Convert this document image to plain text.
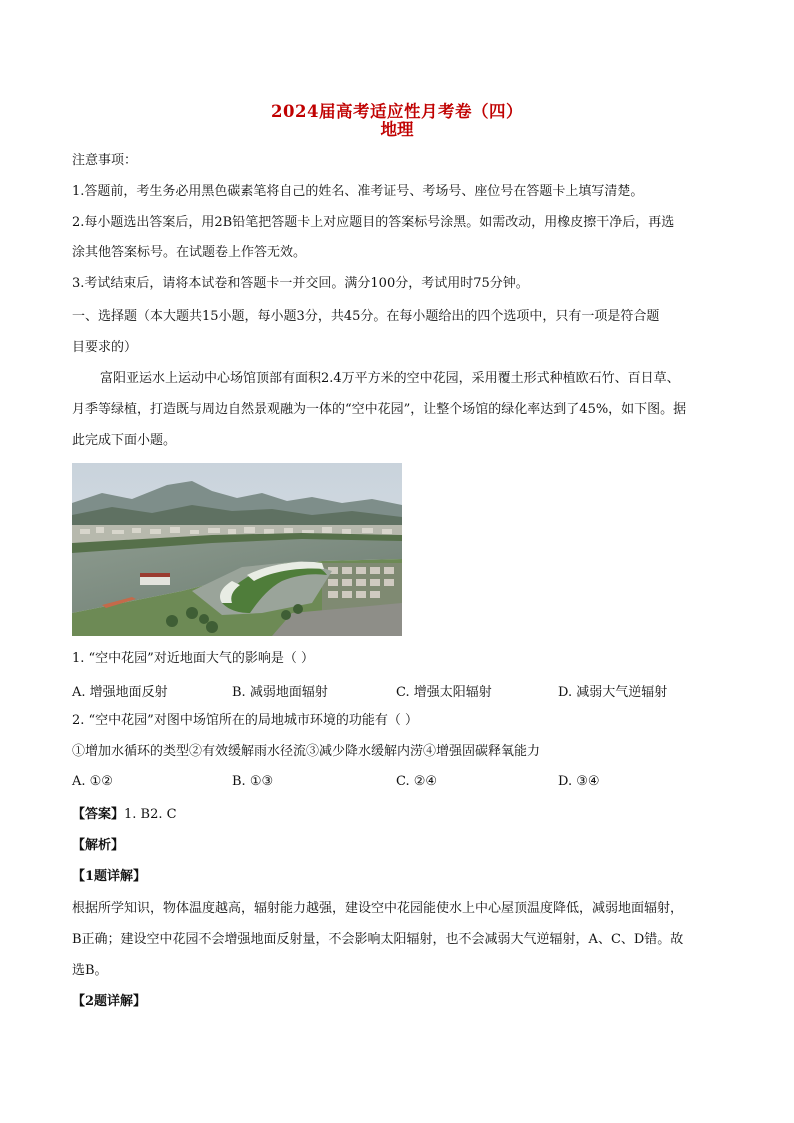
2024届高考适应性月考卷（四）
地理
注意事项：
1.答题前，考生务必用黑色碳素笔将自己的姓名、准考证号、考场号、座位号在答题卡上填写清楚。
2.每小题选出答案后，用2B铅笔把答题卡上对应题目的答案标号涂黑。如需改动，用橡皮擦干净后，再选
涂其他答案标号。在试题卷上作答无效。
3.考试结束后，请将本试卷和答题卡一并交回。满分100分，考试用时75分钟。
一、选择题（本大题共15小题，每小题3分，共45分。在每小题给出的四个选项中，只有一项是符合题
目要求的）
富阳亚运水上运动中心场馆顶部有面积2.4万平方米的空中花园，采用覆土形式种植欧石竹、百日草、
月季等绿植，打造既与周边自然景观融为一体的“空中花园”，让整个场馆的绿化率达到了45%，如下图。据
此完成下面小题。
1. “空中花园”对近地面大气的影响是（ ）
A. 增强地面反射	B. 减弱地面辐射	C. 增强太阳辐射	D. 减弱大气逆辐射
2. “空中花园”对图中场馆所在的局地城市环境的功能有（ ）
①增加水循环的类型②有效缓解雨水径流③减少降水缓解内涝④增强固碳释氧能力
A. ①②	B. ①③	C. ②④	D. ③④
【答案】1. B2. C
【解析】
【1题详解】
根据所学知识，物体温度越高，辐射能力越强，建设空中花园能使水上中心屋顶温度降低，减弱地面辐射，
B正确；建设空中花园不会增强地面反射量，不会影响太阳辐射，也不会减弱大气逆辐射，A、C、D错。故
选B。
【2题详解】
